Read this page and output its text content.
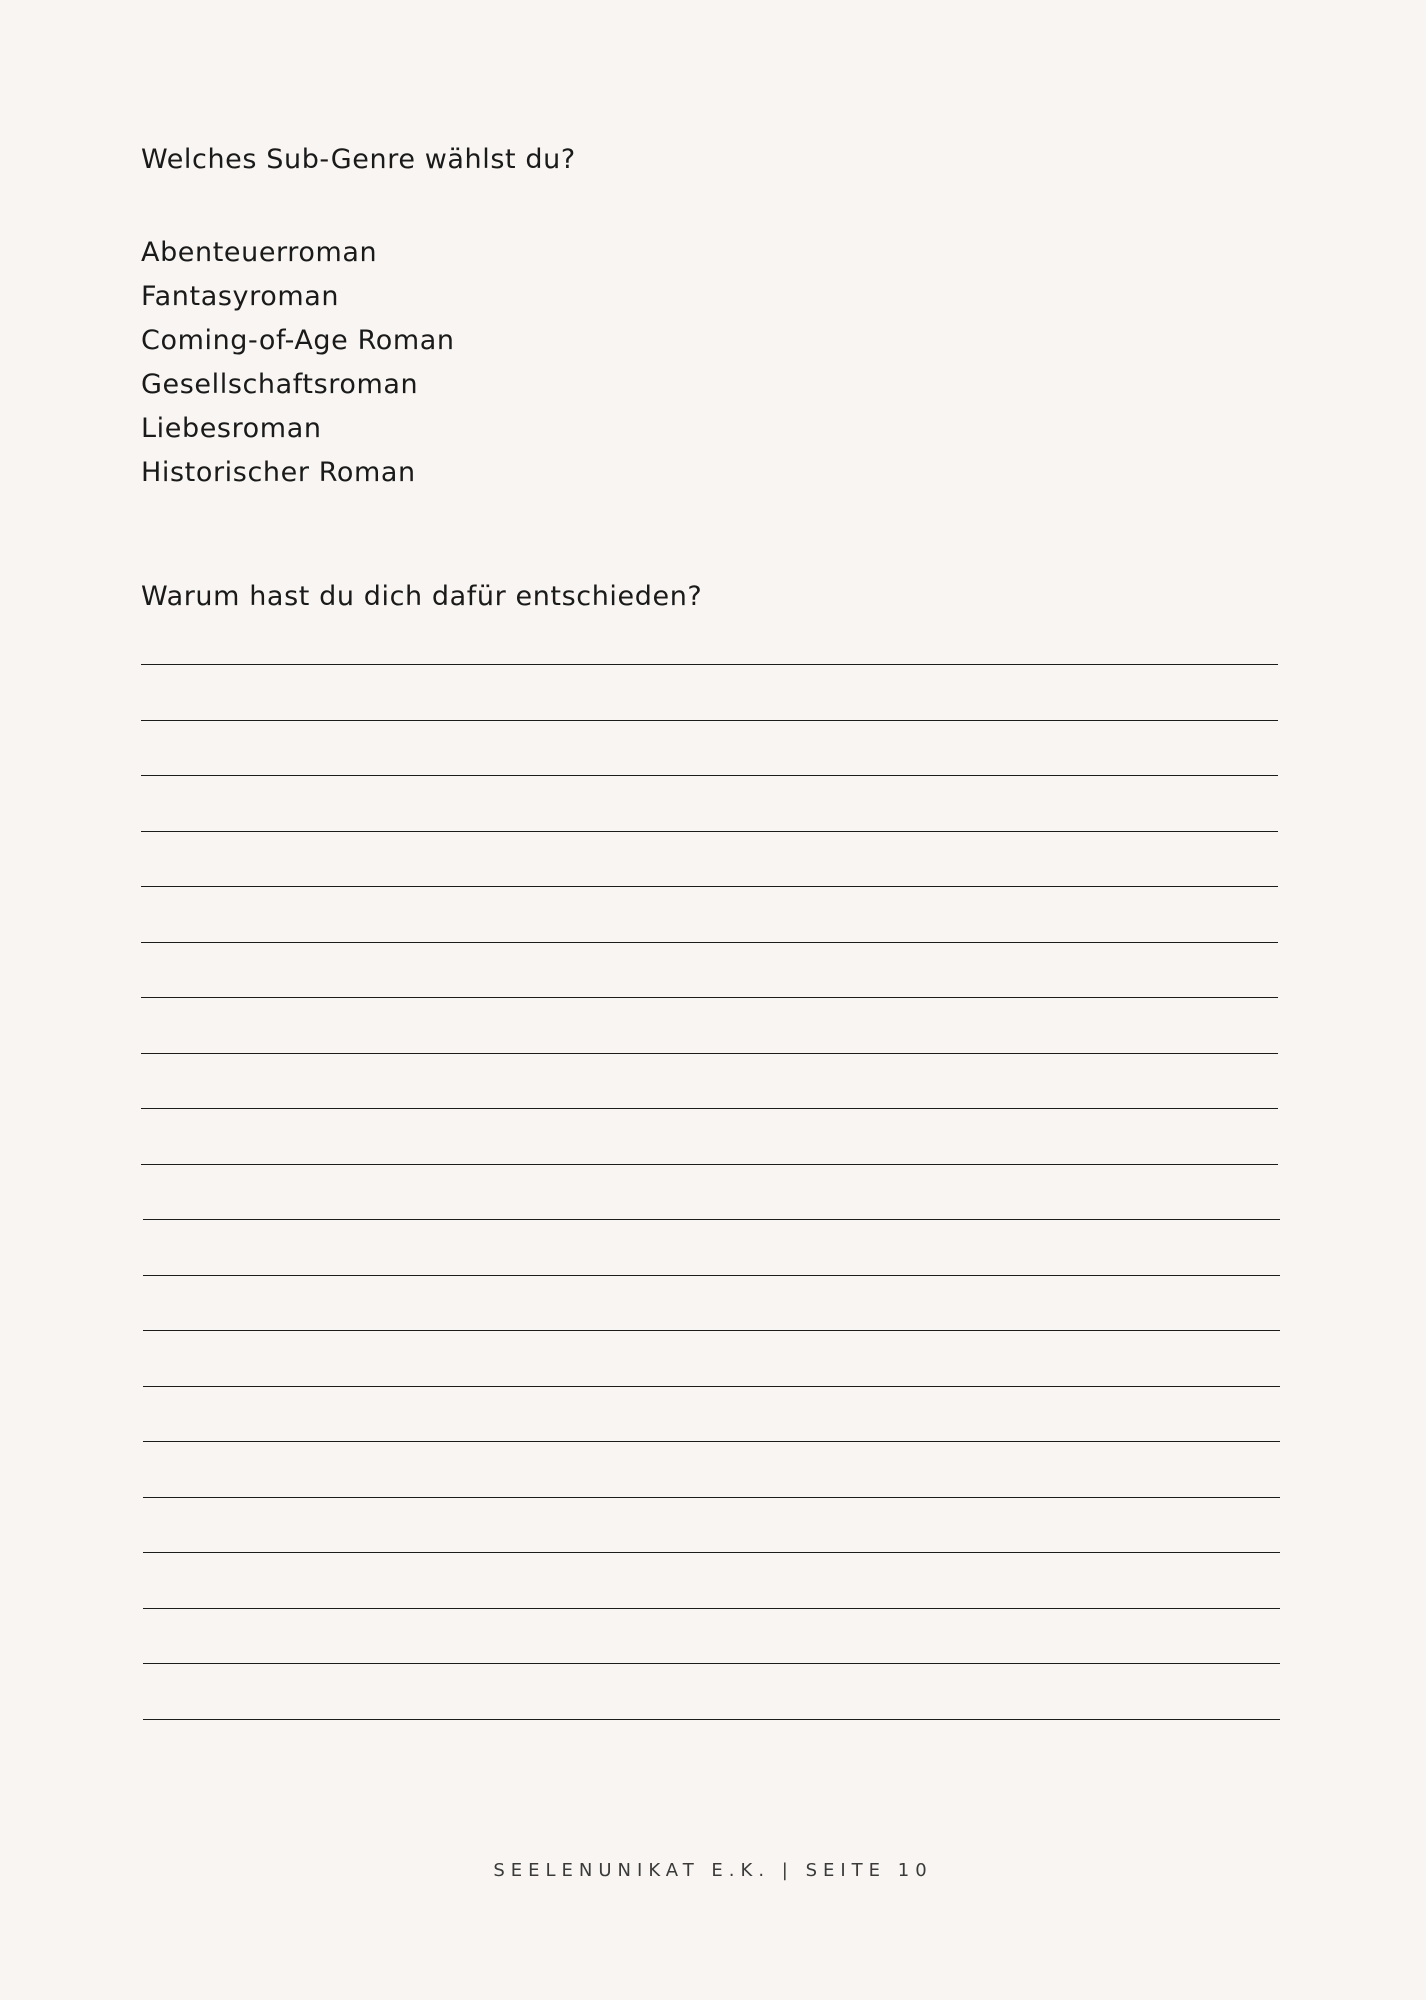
Welches Sub-Genre wählst du?
Abenteuerroman
Fantasyroman
Coming-of-Age Roman
Gesellschaftsroman
Liebesroman
Historischer Roman
Warum hast du dich dafür entschieden?
SEELENUNIKAT E.K. | SEITE 10
